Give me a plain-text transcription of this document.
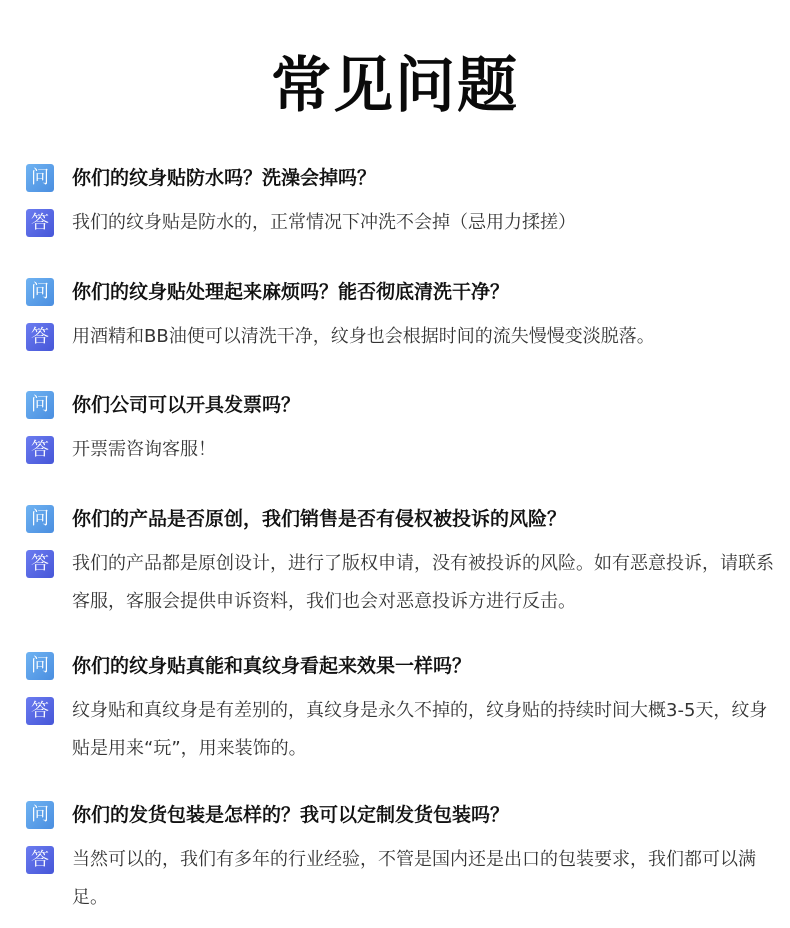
常见问题
问 你们的纹身贴防水吗？洗澡会掉吗？
答 我们的纹身贴是防水的，正常情况下冲洗不会掉（忌用力揉搓）
问 你们的纹身贴处理起来麻烦吗？能否彻底清洗干净？
答 用酒精和BB油便可以清洗干净，纹身也会根据时间的流失慢慢变淡脱落。
问 你们公司可以开具发票吗？
答 开票需咨询客服！
问 你们的产品是否原创，我们销售是否有侵权被投诉的风险？
答 我们的产品都是原创设计，进行了版权申请，没有被投诉的风险。如有恶意投诉，请联系客服，客服会提供申诉资料，我们也会对恶意投诉方进行反击。
问 你们的纹身贴真能和真纹身看起来效果一样吗？
答 纹身贴和真纹身是有差别的，真纹身是永久不掉的，纹身贴的持续时间大概3-5天，纹身贴是用来“玩”，用来装饰的。
问 你们的发货包装是怎样的？我可以定制发货包装吗？
答 当然可以的，我们有多年的行业经验，不管是国内还是出口的包装要求，我们都可以满足。
